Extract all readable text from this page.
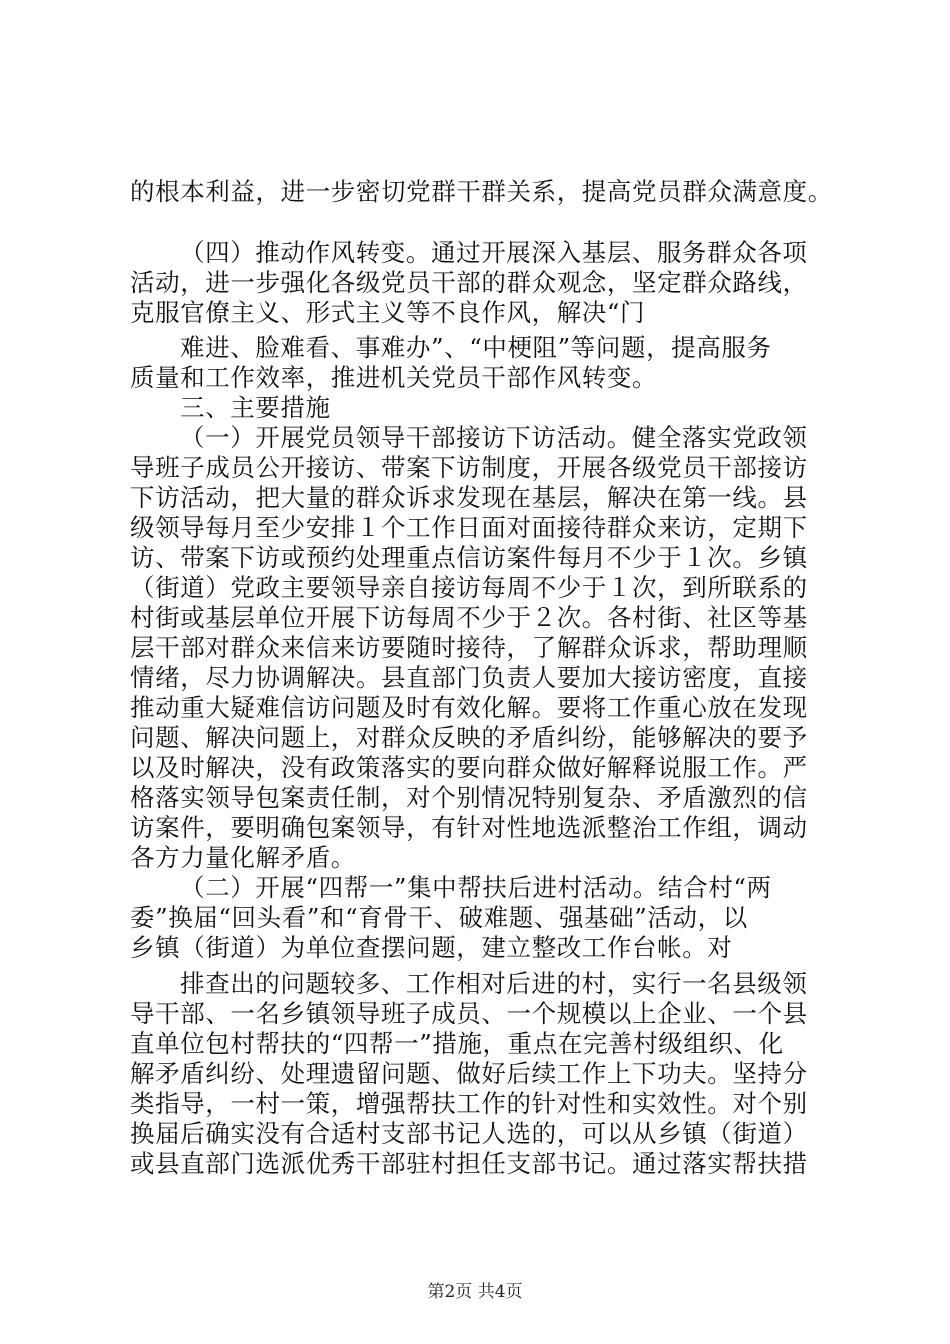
的根本利益，进一步密切党群干群关系，提高党员群众满意度。
（四）推动作风转变。通过开展深入基层、服务群众各项
活动，进一步强化各级党员干部的群众观念，坚定群众路线，
克服官僚主义、形式主义等不良作风，解决“门
难进、脸难看、事难办”、“中梗阻”等问题，提高服务
质量和工作效率，推进机关党员干部作风转变。
三、主要措施
（一）开展党员领导干部接访下访活动。健全落实党政领
导班子成员公开接访、带案下访制度，开展各级党员干部接访
下访活动，把大量的群众诉求发现在基层，解决在第一线。县
级领导每月至少安排１个工作日面对面接待群众来访，定期下
访、带案下访或预约处理重点信访案件每月不少于１次。乡镇
（街道）党政主要领导亲自接访每周不少于１次，到所联系的
村街或基层单位开展下访每周不少于２次。各村街、社区等基
层干部对群众来信来访要随时接待，了解群众诉求，帮助理顺
情绪，尽力协调解决。县直部门负责人要加大接访密度，直接
推动重大疑难信访问题及时有效化解。要将工作重心放在发现
问题、解决问题上，对群众反映的矛盾纠纷，能够解决的要予
以及时解决，没有政策落实的要向群众做好解释说服工作。严
格落实领导包案责任制，对个别情况特别复杂、矛盾激烈的信
访案件，要明确包案领导，有针对性地选派整治工作组，调动
各方力量化解矛盾。
（二）开展“四帮一”集中帮扶后进村活动。结合村“两
委”换届“回头看”和“育骨干、破难题、强基础”活动，以
乡镇（街道）为单位查摆问题，建立整改工作台帐。对
排查出的问题较多、工作相对后进的村，实行一名县级领
导干部、一名乡镇领导班子成员、一个规模以上企业、一个县
直单位包村帮扶的“四帮一”措施，重点在完善村级组织、化
解矛盾纠纷、处理遗留问题、做好后续工作上下功夫。坚持分
类指导，一村一策，增强帮扶工作的针对性和实效性。对个别
换届后确实没有合适村支部书记人选的，可以从乡镇（街道）
或县直部门选派优秀干部驻村担任支部书记。通过落实帮扶措
第2页 共4页
